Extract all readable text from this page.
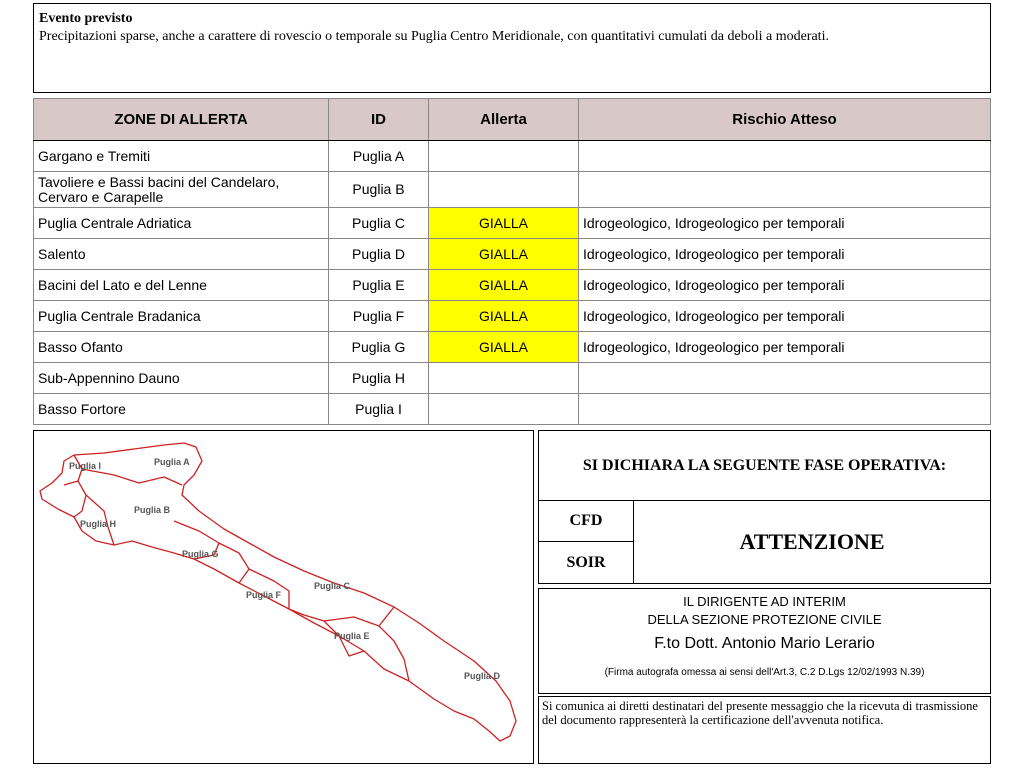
Evento previsto
Precipitazioni sparse, anche a carattere di rovescio o temporale su Puglia Centro Meridionale, con quantitativi cumulati da deboli a moderati.
ZONE DI ALLERTA	ID	Allerta	Rischio Atteso
Gargano e Tremiti	Puglia A		
Tavoliere e Bassi bacini del Candelaro, Cervaro e Carapelle	Puglia B		
Puglia Centrale Adriatica	Puglia C	GIALLA	Idrogeologico, Idrogeologico per temporali
Salento	Puglia D	GIALLA	Idrogeologico, Idrogeologico per temporali
Bacini del Lato e del Lenne	Puglia E	GIALLA	Idrogeologico, Idrogeologico per temporali
Puglia Centrale Bradanica	Puglia F	GIALLA	Idrogeologico, Idrogeologico per temporali
Basso Ofanto	Puglia G	GIALLA	Idrogeologico, Idrogeologico per temporali
Sub-Appennino Dauno	Puglia H		
Basso Fortore	Puglia I		
Puglia A
Puglia I
Puglia B
Puglia H
Puglia G
Puglia C
Puglia F
Puglia E
Puglia D
SI DICHIARA LA SEGUENTE FASE OPERATIVA:
CFD
SOIR
ATTENZIONE
IL DIRIGENTE AD INTERIM
DELLA SEZIONE PROTEZIONE CIVILE
F.to Dott. Antonio Mario Lerario
(Firma autografa omessa ai sensi dell'Art.3, C.2 D.Lgs 12/02/1993 N.39)
Si comunica ai diretti destinatari del presente messaggio che la ricevuta di trasmissione del documento rappresenterà la certificazione dell'avvenuta notifica.
